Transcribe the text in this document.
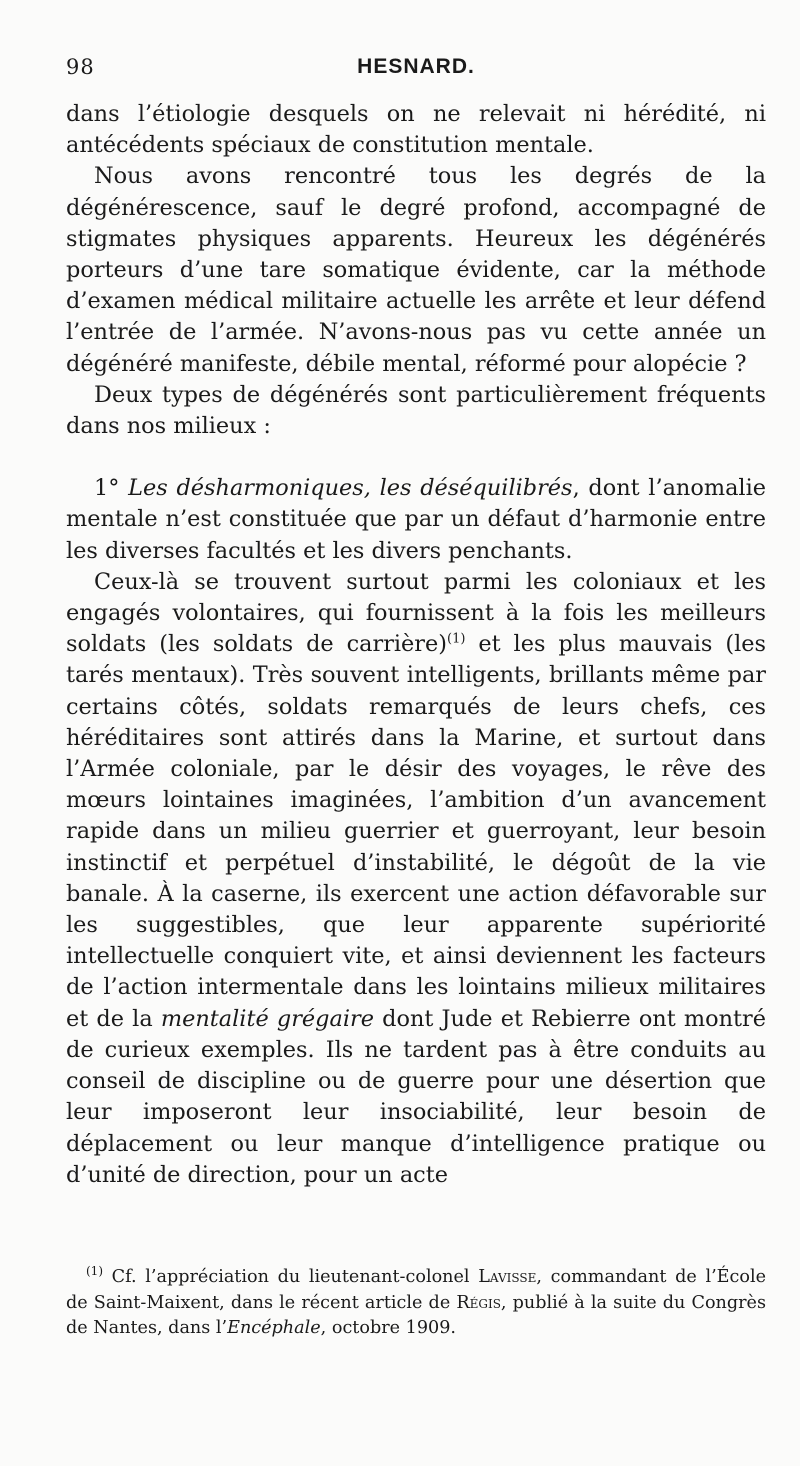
98	HESNARD.

dans l’étiologie desquels on ne relevait ni hérédité, ni antécédents spéciaux de constitution mentale.

Nous avons rencontré tous les degrés de la dégénérescence, sauf le degré profond, accompagné de stigmates physiques apparents. Heureux les dégénérés porteurs d’une tare somatique évidente, car la méthode d’examen médical militaire actuelle les arrête et leur défend l’entrée de l’armée. N’avons-nous pas vu cette année un dégénéré manifeste, débile mental, réformé pour alopécie ?

Deux types de dégénérés sont particulièrement fréquents dans nos milieux :

1° Les désharmoniques, les déséquilibrés, dont l’anomalie mentale n’est constituée que par un défaut d’harmonie entre les diverses facultés et les divers penchants.

Ceux-là se trouvent surtout parmi les coloniaux et les engagés volontaires, qui fournissent à la fois les meilleurs soldats (les soldats de carrière)$^{(1)}$ et les plus mauvais (les tarés mentaux). Très souvent intelligents, brillants même par certains côtés, soldats remarqués de leurs chefs, ces héréditaires sont attirés dans la Marine, et surtout dans l’Armée coloniale, par le désir des voyages, le rêve des mœurs lointaines imaginées, l’ambition d’un avancement rapide dans un milieu guerrier et guerroyant, leur besoin instinctif et perpétuel d’instabilité, le dégoût de la vie banale. À la caserne, ils exercent une action défavorable sur les suggestibles, que leur apparente supériorité intellectuelle conquiert vite, et ainsi deviennent les facteurs de l’action intermentale dans les lointains milieux militaires et de la mentalité grégaire dont Jude et Rebierre ont montré de curieux exemples. Ils ne tardent pas à être conduits au conseil de discipline ou de guerre pour une désertion que leur imposeront leur insociabilité, leur besoin de déplacement ou leur manque d’intelligence pratique ou d’unité de direction, pour un acte

$^{(1)}$ Cf. l’appréciation du lieutenant-colonel Lavisse, commandant de l’École de Saint-Maixent, dans le récent article de Régis, publié à la suite du Congrès de Nantes, dans l’Encéphale, octobre 1909.
